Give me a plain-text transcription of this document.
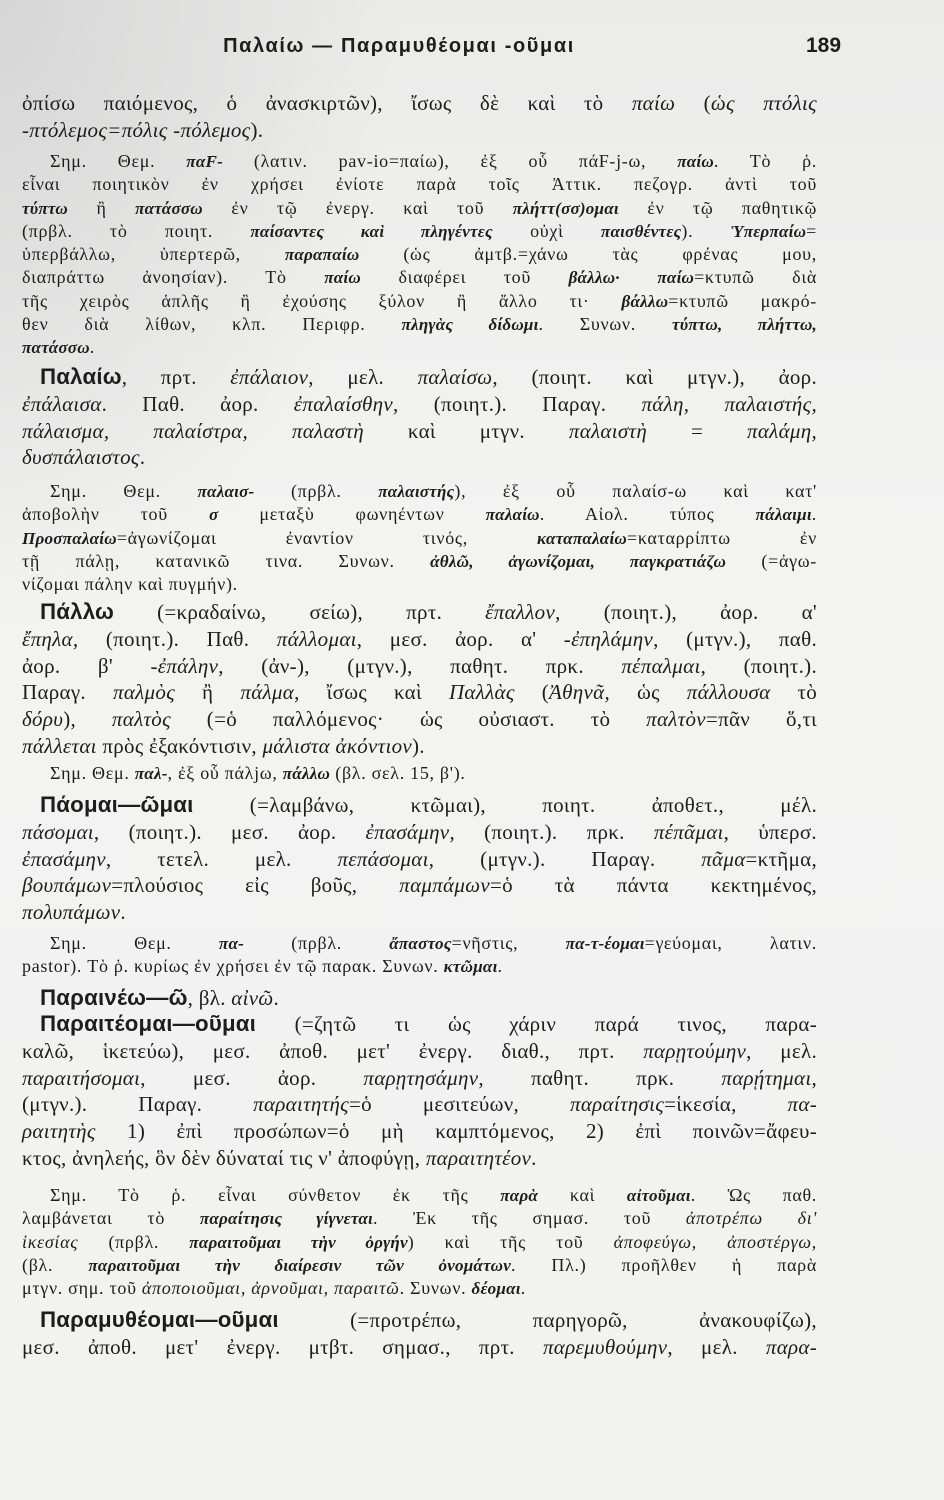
Παλαίω — Παραμυθέομαι -οῦμαι	189
ὀπίσω παιόμενος, ὁ ἀνασκιρτῶν), ἴσως δὲ καὶ τὸ παίω (ὡς πτόλις
-πτόλεμος=πόλις -πόλεμος).
Σημ. Θεμ. παF- (λατιν. pav-io=παίω), ἐξ οὗ πάF-j-ω, παίω. Τὸ ῥ.
εἶναι ποιητικὸν ἐν χρήσει ἐνίοτε παρὰ τοῖς Ἀττικ. πεζογρ. ἀντὶ τοῦ
τύπτω ἢ πατάσσω ἐν τῷ ἐνεργ. καὶ τοῦ πλήττ(σσ)ομαι ἐν τῷ παθητικῷ
(πρβλ. τὸ ποιητ. παίσαντες καὶ πληγέντες οὐχὶ παισθέντες). Ὑπερπαίω=
ὑπερβάλλω, ὑπερτερῶ, παραπαίω (ὡς ἀμτβ.=χάνω τὰς φρένας μου,
διαπράττω ἀνοησίαν). Τὸ παίω διαφέρει τοῦ βάλλω· παίω=κτυπῶ διὰ
τῆς χειρὸς ἁπλῆς ἢ ἐχούσης ξύλον ἢ ἄλλο τι· βάλλω=κτυπῶ μακρό-
θεν διὰ λίθων, κλπ. Περιφρ. πληγὰς δίδωμι. Συνων. τύπτω, πλήττω,
πατάσσω.
Παλαίω, πρτ. ἐπάλαιον, μελ. παλαίσω, (ποιητ. καὶ μτγν.), ἀορ.
ἐπάλαισα. Παθ. ἀορ. ἐπαλαίσθην, (ποιητ.). Παραγ. πάλη, παλαιστής,
πάλαισμα, παλαίστρα, παλαστὴ καὶ μτγν. παλαιστὴ = παλάμη,
δυσπάλαιστος.
Σημ. Θεμ. παλαισ- (πρβλ. παλαιστής), ἐξ οὗ παλαίσ-ω καὶ κατ'
ἀποβολὴν τοῦ σ μεταξὺ φωνηέντων παλαίω. Αἰολ. τύπος πάλαιμι.
Προσπαλαίω=ἀγωνίζομαι ἐναντίον τινός, καταπαλαίω=καταρρίπτω ἐν
τῇ πάλῃ, κατανικῶ τινα. Συνων. ἀθλῶ, ἀγωνίζομαι, παγκρατιάζω (=ἀγω-
νίζομαι πάλην καὶ πυγμήν).
Πάλλω (=κραδαίνω, σείω), πρτ. ἔπαλλον, (ποιητ.), ἀορ. α'
ἔπηλα, (ποιητ.). Παθ. πάλλομαι, μεσ. ἀορ. α' -ἐπηλάμην, (μτγν.), παθ.
ἀορ. β' -ἐπάλην, (ἀν-), (μτγν.), παθητ. πρκ. πέπαλμαι, (ποιητ.).
Παραγ. παλμὸς ἢ πάλμα, ἴσως καὶ Παλλὰς (Ἀθηνᾶ, ὡς πάλλουσα τὸ
δόρυ), παλτὸς (=ὁ παλλόμενος· ὡς οὐσιαστ. τὸ παλτὸν=πᾶν ὅ,τι
πάλλεται πρὸς ἐξακόντισιν, μάλιστα ἀκόντιον).
Σημ. Θεμ. παλ-, ἐξ οὗ πάλjω, πάλλω (βλ. σελ. 15, β').
Πάομαι—ῶμαι (=λαμβάνω, κτῶμαι), ποιητ. ἀποθετ., μέλ.
πάσομαι, (ποιητ.). μεσ. ἀορ. ἐπασάμην, (ποιητ.). πρκ. πέπᾶμαι, ὑπερσ.
ἐπασάμην, τετελ. μελ. πεπάσομαι, (μτγν.). Παραγ. πᾶμα=κτῆμα,
βουπάμων=πλούσιος εἰς βοῦς, παμπάμων=ὁ τὰ πάντα κεκτημένος,
πολυπάμων.
Σημ. Θεμ. πα- (πρβλ. ἄπαστος=νῆστις, πα-τ-έομαι=γεύομαι, λατιν.
pastor). Τὸ ῥ. κυρίως ἐν χρήσει ἐν τῷ παρακ. Συνων. κτῶμαι.
Παραινέω—ῶ, βλ. αἰνῶ.
Παραιτέομαι—οῦμαι (=ζητῶ τι ὡς χάριν παρά τινος, παρα-
καλῶ, ἱκετεύω), μεσ. ἀποθ. μετ' ἐνεργ. διαθ., πρτ. παρῃτούμην, μελ.
παραιτήσομαι, μεσ. ἀορ. παρῃτησάμην, παθητ. πρκ. παρῄτημαι,
(μτγν.). Παραγ. παραιτητής=ὁ μεσιτεύων, παραίτησις=ἱκεσία, πα-
ραιτητὴς 1) ἐπὶ προσώπων=ὁ μὴ καμπτόμενος, 2) ἐπὶ ποινῶν=ἄφευ-
κτος, ἀνηλεής, ὃν δὲν δύναταί τις ν' ἀποφύγῃ, παραιτητέον.
Σημ. Τὸ ῥ. εἶναι σύνθετον ἐκ τῆς παρὰ καὶ αἰτοῦμαι. Ὡς παθ.
λαμβάνεται τὸ παραίτησις γίγνεται. Ἐκ τῆς σημασ. τοῦ ἀποτρέπω δι'
ἱκεσίας (πρβλ. παραιτοῦμαι τὴν ὀργήν) καὶ τῆς τοῦ ἀποφεύγω, ἀποστέργω,
(βλ. παραιτοῦμαι τὴν διαίρεσιν τῶν ὀνομάτων. Πλ.) προῆλθεν ἡ παρὰ
μτγν. σημ. τοῦ ἀποποιοῦμαι, ἀρνοῦμαι, παραιτῶ. Συνων. δέομαι.
Παραμυθέομαι—οῦμαι (=προτρέπω, παρηγορῶ, ἀνακουφίζω),
μεσ. ἀποθ. μετ' ἐνεργ. μτβτ. σημασ., πρτ. παρεμυθούμην, μελ. παρα-
